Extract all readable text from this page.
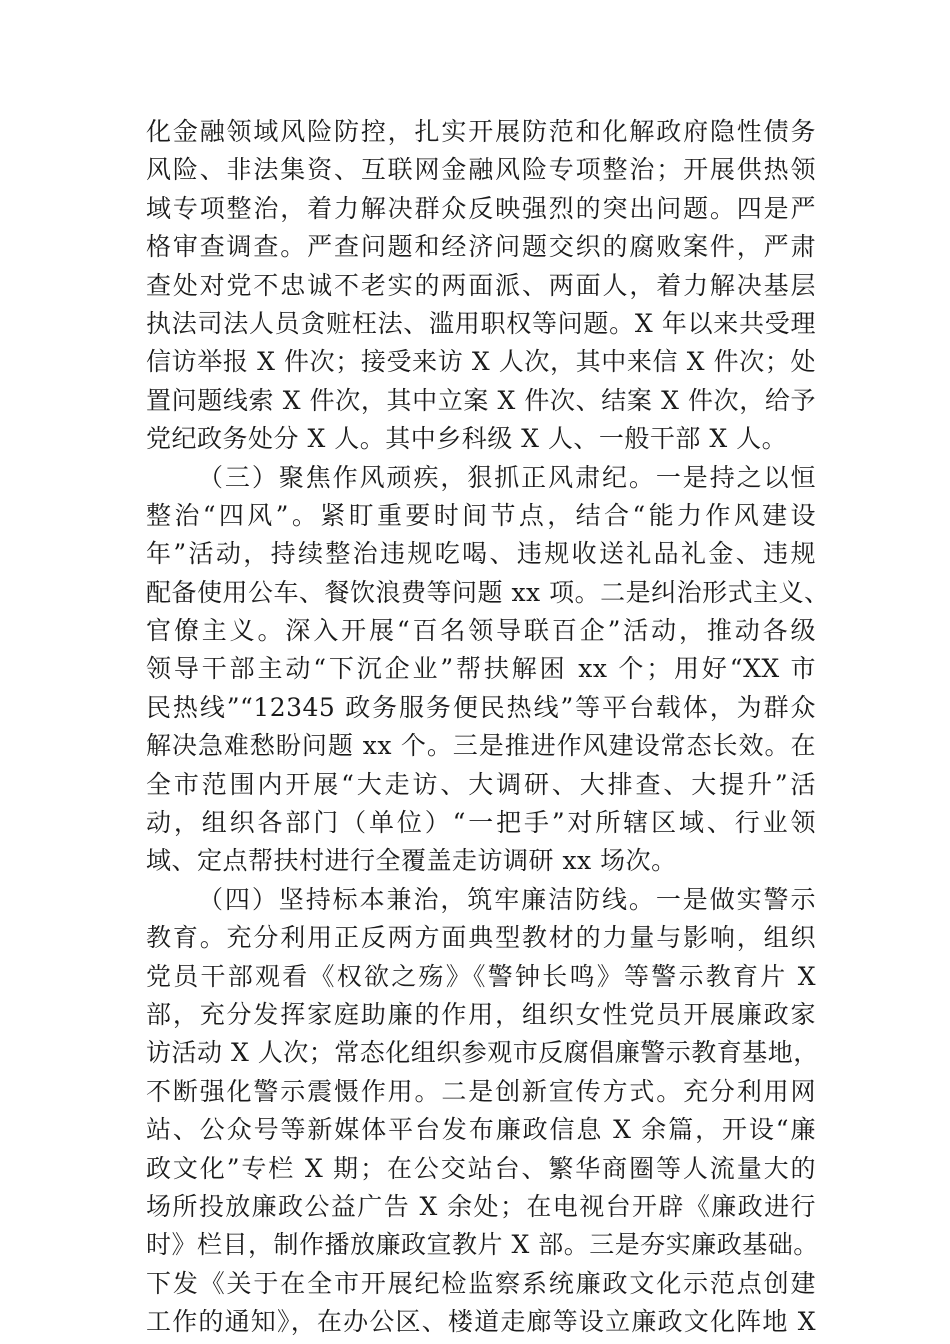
化金融领域风险防控，扎实开展防范和化解政府隐性债务
风险、非法集资、互联网金融风险专项整治；开展供热领
域专项整治，着力解决群众反映强烈的突出问题。四是严
格审查调查。严查问题和经济问题交织的腐败案件，严肃
查处对党不忠诚不老实的两面派、两面人，着力解决基层
执法司法人员贪赃枉法、滥用职权等问题。X 年以来共受理
信访举报 X 件次；接受来访 X 人次，其中来信 X 件次；处
置问题线索 X 件次，其中立案 X 件次、结案 X 件次，给予
党纪政务处分 X 人。其中乡科级 X 人、一般干部 X 人。
（三）聚焦作风顽疾，狠抓正风肃纪。一是持之以恒
整治“四风”。紧盯重要时间节点，结合“能力作风建设
年”活动，持续整治违规吃喝、违规收送礼品礼金、违规
配备使用公车、餐饮浪费等问题 xx 项。二是纠治形式主义、
官僚主义。深入开展“百名领导联百企”活动，推动各级
领导干部主动“下沉企业”帮扶解困 xx 个；用好“XX 市
民热线”“12345 政务服务便民热线”等平台载体，为群众
解决急难愁盼问题 xx 个。三是推进作风建设常态长效。在
全市范围内开展“大走访、大调研、大排查、大提升”活
动，组织各部门（单位）“一把手”对所辖区域、行业领
域、定点帮扶村进行全覆盖走访调研 xx 场次。
（四）坚持标本兼治，筑牢廉洁防线。一是做实警示
教育。充分利用正反两方面典型教材的力量与影响，组织
党员干部观看《权欲之殇》《警钟长鸣》等警示教育片 X
部，充分发挥家庭助廉的作用，组织女性党员开展廉政家
访活动 X 人次；常态化组织参观市反腐倡廉警示教育基地，
不断强化警示震慑作用。二是创新宣传方式。充分利用网
站、公众号等新媒体平台发布廉政信息 X 余篇，开设“廉
政文化”专栏 X 期；在公交站台、繁华商圈等人流量大的
场所投放廉政公益广告 X 余处；在电视台开辟《廉政进行
时》栏目，制作播放廉政宣教片 X 部。三是夯实廉政基础。
下发《关于在全市开展纪检监察系统廉政文化示范点创建
工作的通知》，在办公区、楼道走廊等设立廉政文化阵地 X
